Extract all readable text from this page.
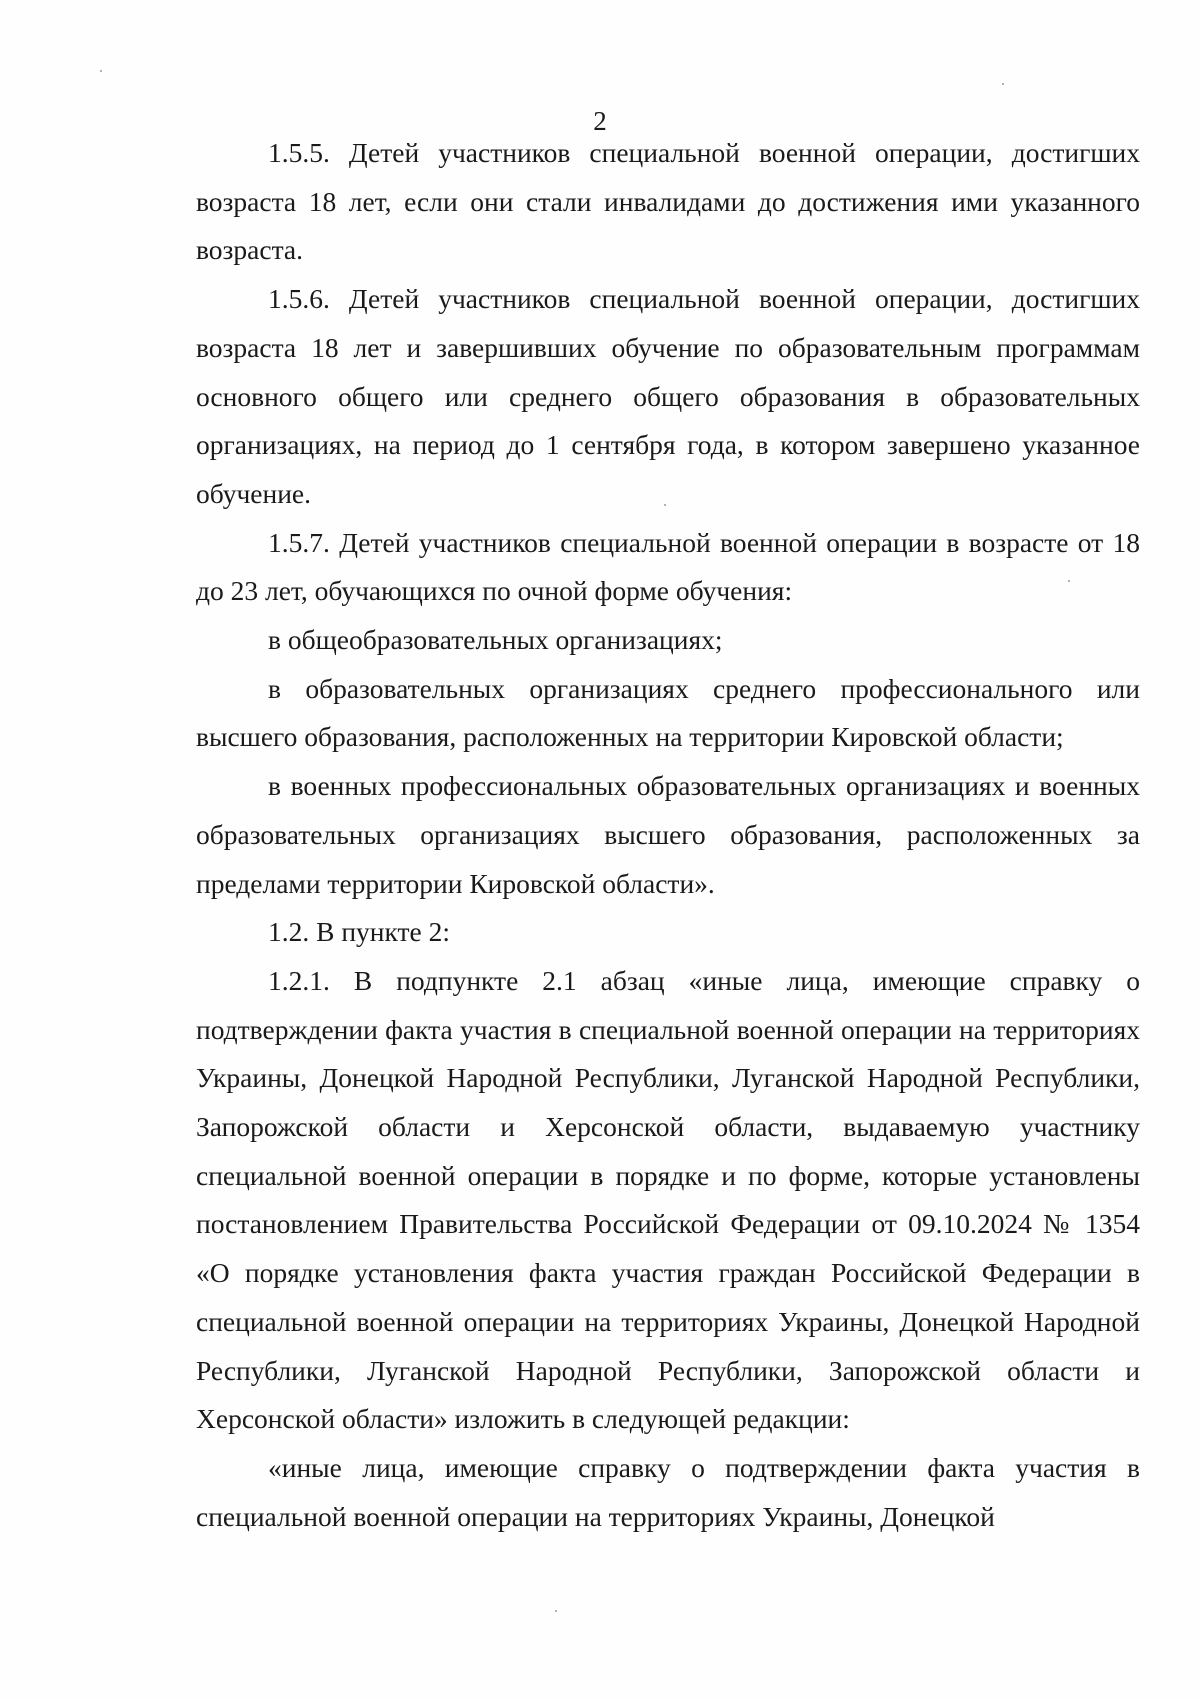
2

1.5.5. Детей участников специальной военной операции, достигших возраста 18 лет, если они стали инвалидами до достижения ими указанного возраста.

1.5.6. Детей участников специальной военной операции, достигших возраста 18 лет и завершивших обучение по образовательным программам основного общего или среднего общего образования в образовательных организациях, на период до 1 сентября года, в котором завершено указанное обучение.

1.5.7. Детей участников специальной военной операции в возрасте от 18 до 23 лет, обучающихся по очной форме обучения:

в общеобразовательных организациях;

в образовательных организациях среднего профессионального или высшего образования, расположенных на территории Кировской области;

в военных профессиональных образовательных организациях и военных образовательных организациях высшего образования, расположенных за пределами территории Кировской области».

1.2. В пункте 2:

1.2.1. В подпункте 2.1 абзац «иные лица, имеющие справку о подтверждении факта участия в специальной военной операции на территориях Украины, Донецкой Народной Республики, Луганской Народной Республики, Запорожской области и Херсонской области, выдаваемую участнику специальной военной операции в порядке и по форме, которые установлены постановлением Правительства Российской Федерации от 09.10.2024 № 1354 «О порядке установления факта участия граждан Российской Федерации в специальной военной операции на территориях Украины, Донецкой Народной Республики, Луганской Народной Республики, Запорожской области и Херсонской области» изложить в следующей редакции:

«иные лица, имеющие справку о подтверждении факта участия в специальной военной операции на территориях Украины, Донецкой
